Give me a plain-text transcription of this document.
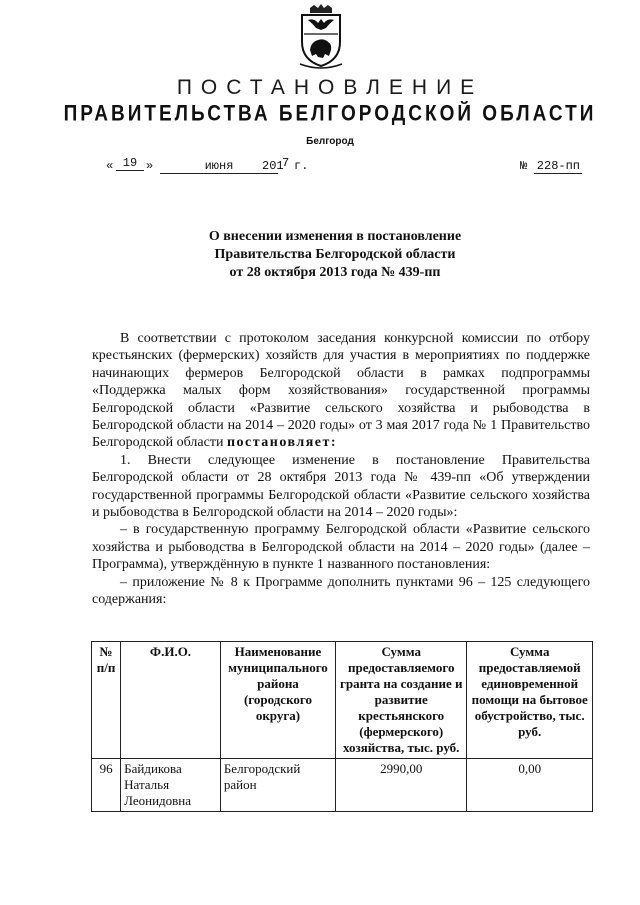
ПОСТАНОВЛЕНИЕ
ПРАВИТЕЛЬСТВА БЕЛГОРОДСКОЙ ОБЛАСТИ
Белгород
« 19 »	июня	201
7 г.	№ 228-пп
О внесении изменения в постановление
Правительства Белгородской области
от 28 октября 2013 года № 439-пп

В соответствии с протоколом заседания конкурсной комиссии по отбору крестьянских (фермерских) хозяйств для участия в мероприятиях по поддержке начинающих фермеров Белгородской области в рамках подпрограммы «Поддержка малых форм хозяйствования» государственной программы Белгородской области «Развитие сельского хозяйства и рыбоводства в Белгородской области на 2014 – 2020 годы» от 3 мая 2017 года № 1 Правительство Белгородской области постановляет:

1. Внести следующее изменение в постановление Правительства Белгородской области от 28 октября 2013 года № 439-пп «Об утверждении государственной программы Белгородской области «Развитие сельского хозяйства и рыбоводства в Белгородской области на 2014 – 2020 годы»:

– в государственную программу Белгородской области «Развитие сельского хозяйства и рыбоводства в Белгородской области на 2014 – 2020 годы» (далее – Программа), утверждённую в пункте 1 названного постановления:

– приложение № 8 к Программе дополнить пунктами 96 – 125 следующего содержания:

№ п/п	Ф.И.О.	Наименование муниципального района (городского округа)	Сумма предоставляемого гранта на создание и развитие крестьянского (фермерского) хозяйства, тыс. руб.	Сумма предоставляемой единовременной помощи на бытовое обустройство, тыс. руб.
96	Байдикова Наталья Леонидовна	Белгородский район	2990,00	0,00
